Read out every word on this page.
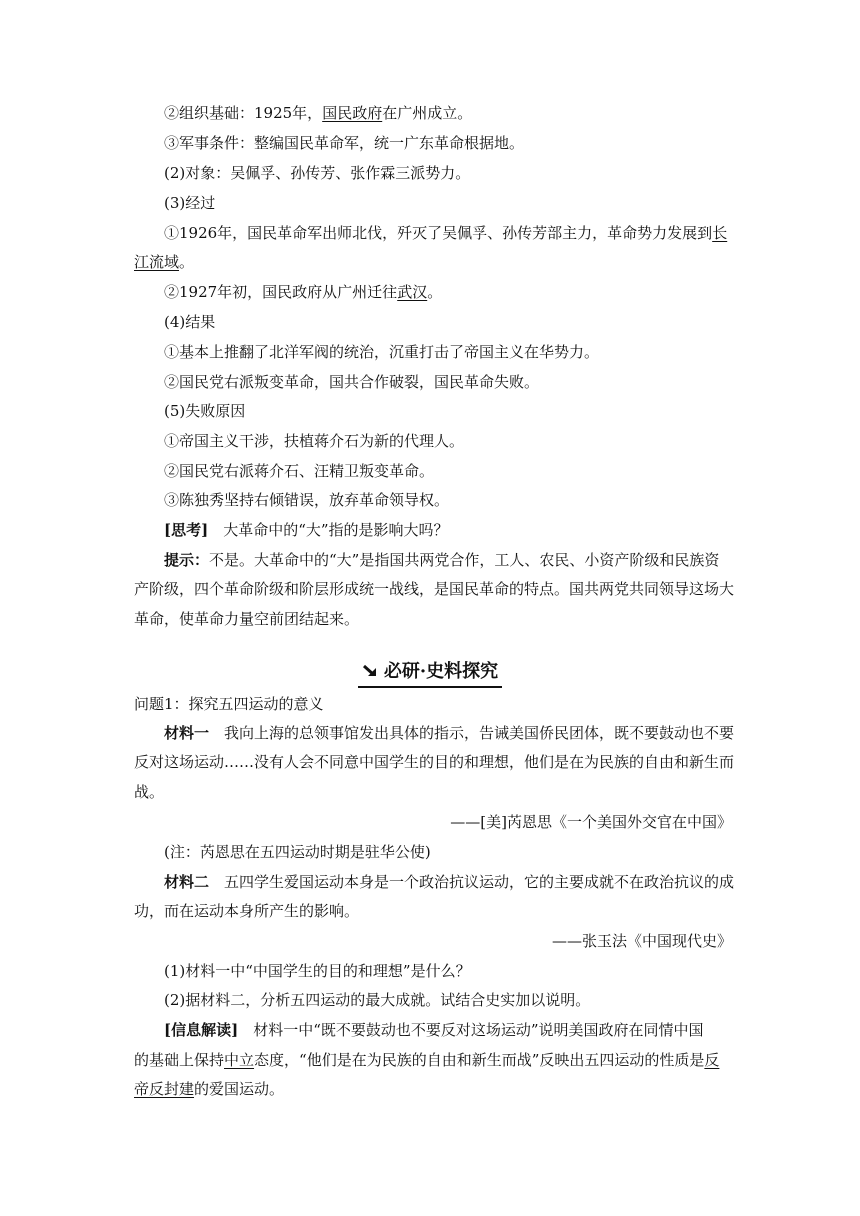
②组织基础：1925年，国民政府在广州成立。
③军事条件：整编国民革命军，统一广东革命根据地。
(2)对象：吴佩孚、孙传芳、张作霖三派势力。
(3)经过
①1926年，国民革命军出师北伐，歼灭了吴佩孚、孙传芳部主力，革命势力发展到长
江流域。
②1927年初，国民政府从广州迁往武汉。
(4)结果
①基本上推翻了北洋军阀的统治，沉重打击了帝国主义在华势力。
②国民党右派叛变革命，国共合作破裂，国民革命失败。
(5)失败原因
①帝国主义干涉，扶植蒋介石为新的代理人。
②国民党右派蒋介石、汪精卫叛变革命。
③陈独秀坚持右倾错误，放弃革命领导权。
[思考]　大革命中的“大”指的是影响大吗？
提示：不是。大革命中的“大”是指国共两党合作，工人、农民、小资产阶级和民族资
产阶级，四个革命阶级和阶层形成统一战线，是国民革命的特点。国共两党共同领导这场大
革命，使革命力量空前团结起来。
必研·史料探究
问题1：探究五四运动的意义
材料一　我向上海的总领事馆发出具体的指示，告诫美国侨民团体，既不要鼓动也不要
反对这场运动……没有人会不同意中国学生的目的和理想，他们是在为民族的自由和新生而
战。
——[美]芮恩思《一个美国外交官在中国》
(注：芮恩思在五四运动时期是驻华公使)
材料二　五四学生爱国运动本身是一个政治抗议运动，它的主要成就不在政治抗议的成
功，而在运动本身所产生的影响。
——张玉法《中国现代史》
(1)材料一中“中国学生的目的和理想”是什么？
(2)据材料二，分析五四运动的最大成就。试结合史实加以说明。
[信息解读]　材料一中“既不要鼓动也不要反对这场运动”说明美国政府在同情中国
的基础上保持中立态度，“他们是在为民族的自由和新生而战”反映出五四运动的性质是反
帝反封建的爱国运动。
